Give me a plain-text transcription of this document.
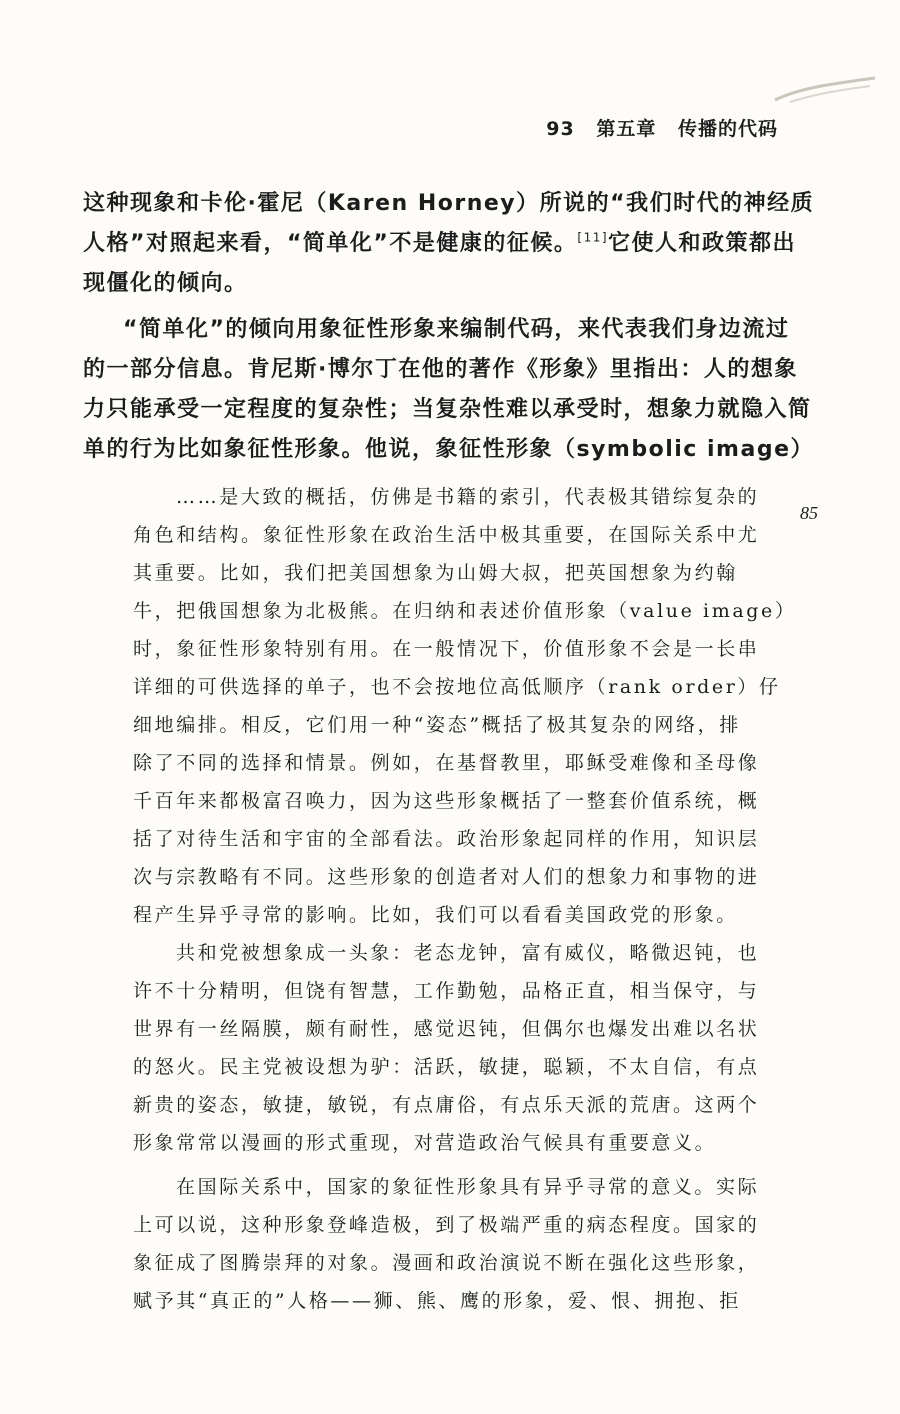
93 第五章 传播的代码
85
这种现象和卡伦·霍尼（Karen Horney）所说的“我们时代的神经质
人格”对照起来看，“简单化”不是健康的征候。[11]它使人和政策都出
现僵化的倾向。
“简单化”的倾向用象征性形象来编制代码，来代表我们身边流过
的一部分信息。肯尼斯·博尔丁在他的著作《形象》里指出：人的想象
力只能承受一定程度的复杂性；当复杂性难以承受时，想象力就隐入简
单的行为比如象征性形象。他说，象征性形象（symbolic image）
……是大致的概括，仿佛是书籍的索引，代表极其错综复杂的
角色和结构。象征性形象在政治生活中极其重要，在国际关系中尤
其重要。比如，我们把美国想象为山姆大叔，把英国想象为约翰
牛，把俄国想象为北极熊。在归纳和表述价值形象（value image）
时，象征性形象特别有用。在一般情况下，价值形象不会是一长串
详细的可供选择的单子，也不会按地位高低顺序（rank order）仔
细地编排。相反，它们用一种“姿态”概括了极其复杂的网络，排
除了不同的选择和情景。例如，在基督教里，耶稣受难像和圣母像
千百年来都极富召唤力，因为这些形象概括了一整套价值系统，概
括了对待生活和宇宙的全部看法。政治形象起同样的作用，知识层
次与宗教略有不同。这些形象的创造者对人们的想象力和事物的进
程产生异乎寻常的影响。比如，我们可以看看美国政党的形象。
共和党被想象成一头象：老态龙钟，富有威仪，略微迟钝，也
许不十分精明，但饶有智慧，工作勤勉，品格正直，相当保守，与
世界有一丝隔膜，颇有耐性，感觉迟钝，但偶尔也爆发出难以名状
的怒火。民主党被设想为驴：活跃，敏捷，聪颖，不太自信，有点
新贵的姿态，敏捷，敏锐，有点庸俗，有点乐天派的荒唐。这两个
形象常常以漫画的形式重现，对营造政治气候具有重要意义。
在国际关系中，国家的象征性形象具有异乎寻常的意义。实际
上可以说，这种形象登峰造极，到了极端严重的病态程度。国家的
象征成了图腾崇拜的对象。漫画和政治演说不断在强化这些形象，
赋予其“真正的”人格——狮、熊、鹰的形象，爱、恨、拥抱、拒
